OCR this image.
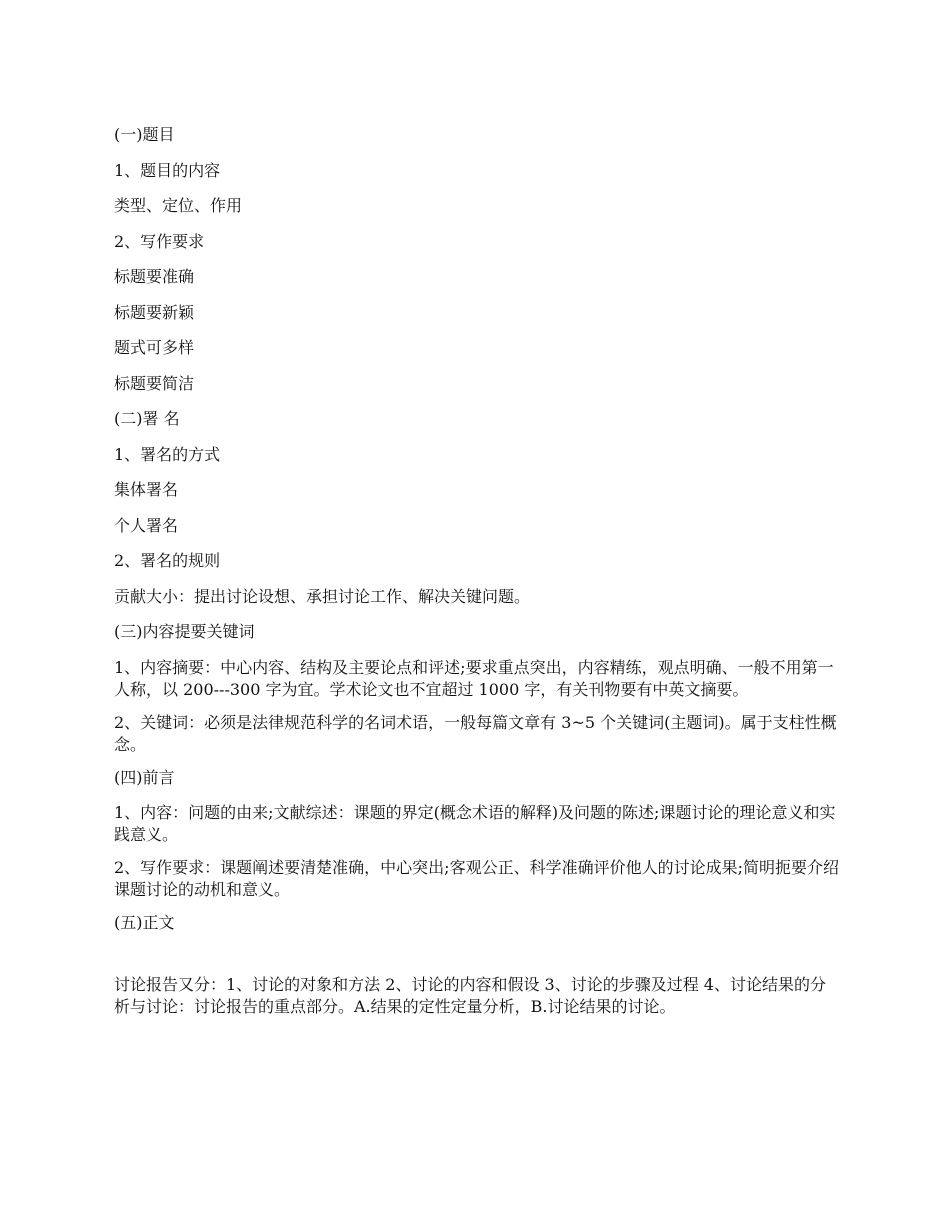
(一)题目

1、题目的内容

类型、定位、作用

2、写作要求

标题要准确

标题要新颖

题式可多样

标题要简洁

(二)署 名

1、署名的方式

集体署名

个人署名

2、署名的规则

贡献大小：提出讨论设想、承担讨论工作、解决关键问题。

(三)内容提要关键词

1、内容摘要：中心内容、结构及主要论点和评述;要求重点突出，内容精练，观点明确、一般不用第一人称，以 200---300 字为宜。学术论文也不宜超过 1000 字，有关刊物要有中英文摘要。

2、关键词：必须是法律规范科学的名词术语，一般每篇文章有 3~5 个关键词(主题词)。属于支柱性概念。

(四)前言

1、内容：问题的由来;文献综述：课题的界定(概念术语的解释)及问题的陈述;课题讨论的理论意义和实践意义。

2、写作要求：课题阐述要清楚准确，中心突出;客观公正、科学准确评价他人的讨论成果;简明扼要介绍课题讨论的动机和意义。

(五)正文

讨论报告又分：1、讨论的对象和方法 2、讨论的内容和假设 3、讨论的步骤及过程 4、讨论结果的分析与讨论：讨论报告的重点部分。A.结果的定性定量分析，B.讨论结果的讨论。
